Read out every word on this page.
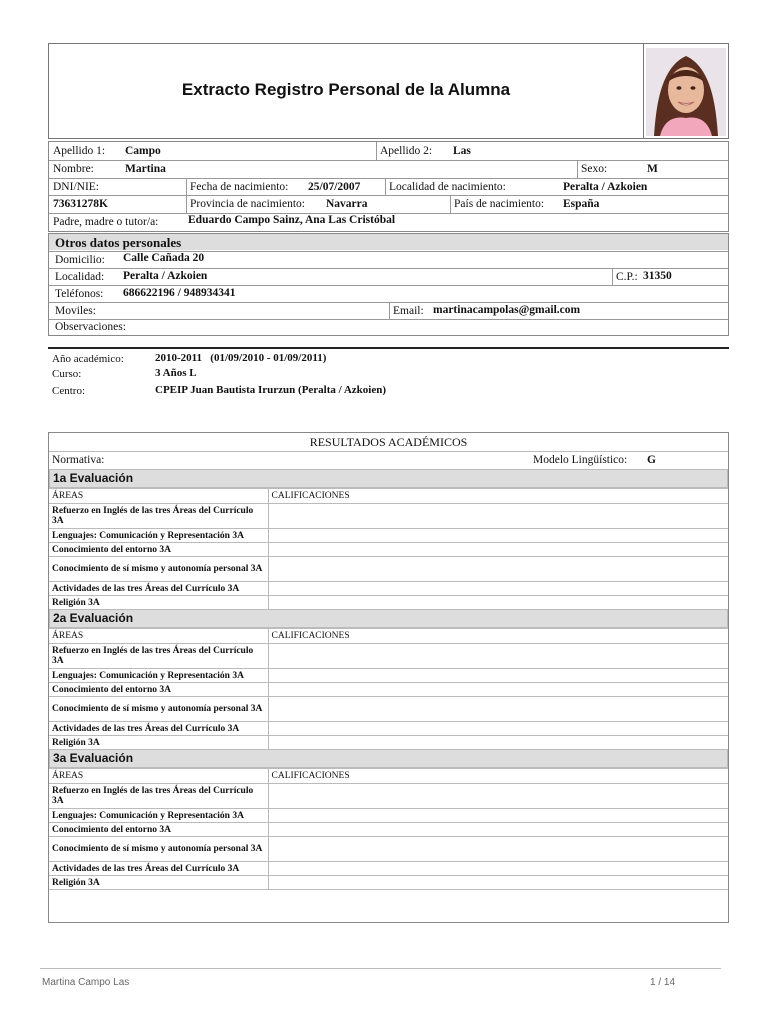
Extracto Registro Personal de la Alumna
Apellido 1: Campo	Apellido 2: Las
Nombre:	Martina	Sexo:	M
DNI/NIE:	Fecha de nacimiento: 25/07/2007 Localidad de nacimiento:	Peralta / Azkoien
73631278K	Provincia de nacimiento: Navarra	País de nacimiento: España
Padre, madre o tutor/a:	Eduardo Campo Sainz, Ana Las Cristóbal
Otros datos personales
Domicilio: Calle Cañada 20
Localidad: Peralta / Azkoien	C.P.: 31350
Teléfonos: 686622196 / 948934341
Moviles:	Email: martinacampolas@gmail.com
Observaciones:
Año académico:	2010-2011   (01/09/2010 - 01/09/2011)
Curso:	3 Años L
Centro:	CPEIP Juan Bautista Irurzun (Peralta / Azkoien)
RESULTADOS ACADÉMICOS
Normativa:	Modelo Lingüístico: G
1a Evaluación
ÁREAS	CALIFICACIONES
Refuerzo en Inglés de las tres Áreas del Currículo 3A	
Lenguajes: Comunicación y Representación 3A	
Conocimiento del entorno 3A	
Conocimiento de sí mismo y autonomía personal 3A	
Actividades de las tres Áreas del Currículo 3A	
Religión 3A	
2a Evaluación
ÁREAS	CALIFICACIONES
Refuerzo en Inglés de las tres Áreas del Currículo 3A	
Lenguajes: Comunicación y Representación 3A	
Conocimiento del entorno 3A	
Conocimiento de sí mismo y autonomía personal 3A	
Actividades de las tres Áreas del Currículo 3A	
Religión 3A	
3a Evaluación
ÁREAS	CALIFICACIONES
Refuerzo en Inglés de las tres Áreas del Currículo 3A	
Lenguajes: Comunicación y Representación 3A	
Conocimiento del entorno 3A	
Conocimiento de sí mismo y autonomía personal 3A	
Actividades de las tres Áreas del Currículo 3A	
Religión 3A	
Martina Campo Las	1 / 14
